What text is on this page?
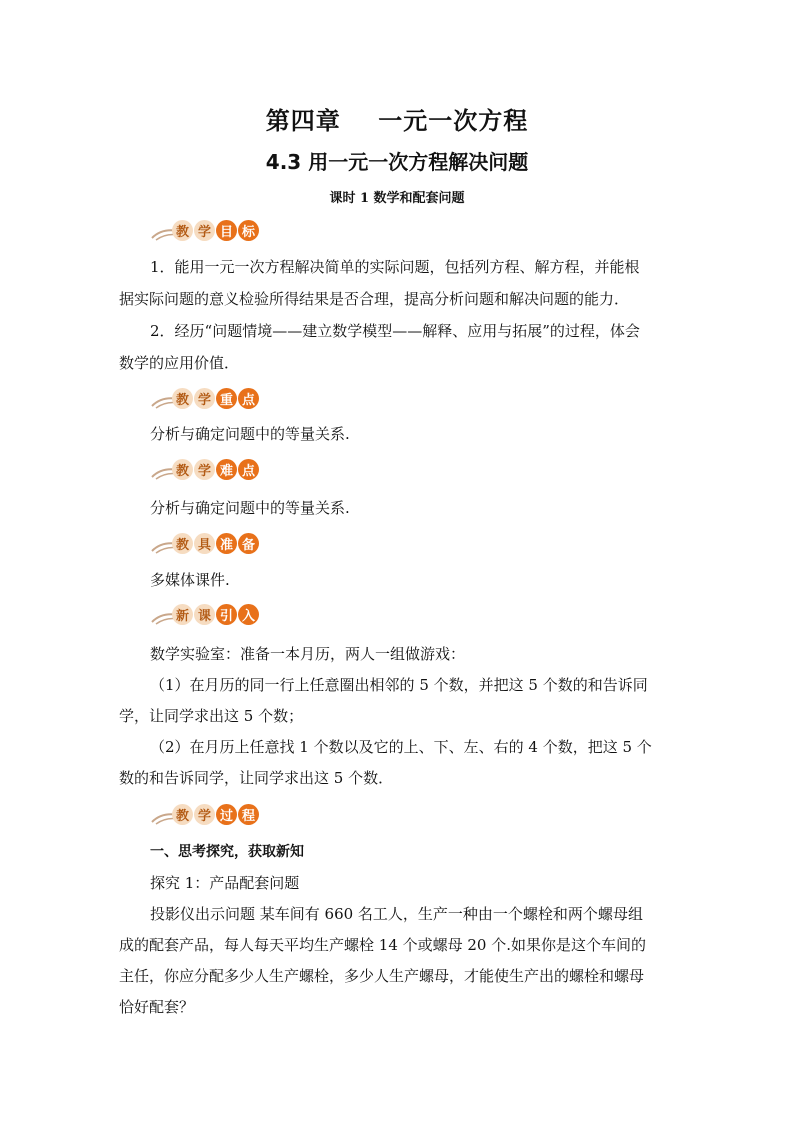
第四章    一元一次方程
4.3 用一元一次方程解决问题
课时 1 数学和配套问题
教 学 目 标
1．能用一元一次方程解决简单的实际问题，包括列方程、解方程，并能根
据实际问题的意义检验所得结果是否合理，提高分析问题和解决问题的能力．
2．经历“问题情境——建立数学模型——解释、应用与拓展”的过程，体会
数学的应用价值．
教 学 重 点
分析与确定问题中的等量关系.
教 学 难 点
分析与确定问题中的等量关系.
教 具 准 备
多媒体课件.
新 课 引 入
数学实验室：准备一本月历，两人一组做游戏：
（1）在月历的同一行上任意圈出相邻的 5 个数，并把这 5 个数的和告诉同
学，让同学求出这 5 个数；
（2）在月历上任意找 1 个数以及它的上、下、左、右的 4 个数，把这 5 个
数的和告诉同学，让同学求出这 5 个数．
教 学 过 程
一、思考探究，获取新知
探究 1：产品配套问题
投影仪出示问题 某车间有 660 名工人，生产一种由一个螺栓和两个螺母组
成的配套产品，每人每天平均生产螺栓 14 个或螺母 20 个.如果你是这个车间的
主任，你应分配多少人生产螺栓，多少人生产螺母，才能使生产出的螺栓和螺母
恰好配套？
